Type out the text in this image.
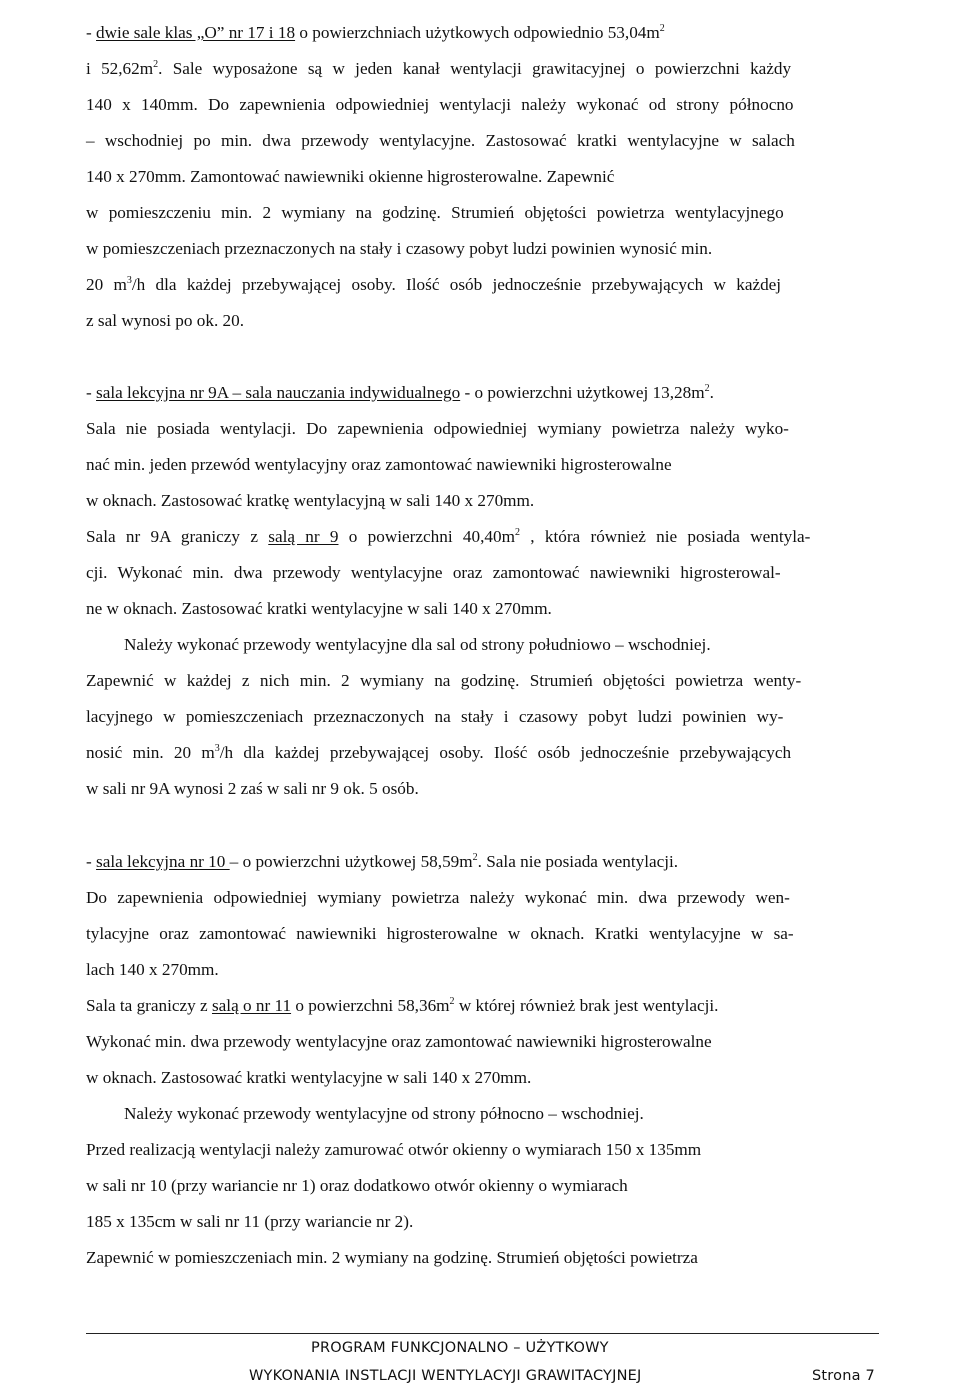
- dwie sale klas „O” nr 17 i 18 o powierzchniach użytkowych odpowiednio $53,04m^2$
i $52,62m^2$. Sale wyposażone są w jeden kanał wentylacji grawitacyjnej o powierzchni każdy
140 x 140mm. Do zapewnienia odpowiedniej wentylacji należy wykonać od strony północno
– wschodniej po min. dwa przewody wentylacyjne. Zastosować kratki wentylacyjne w salach
140 x 270mm. Zamontować nawiewniki okienne higrosterowalne. Zapewnić
w pomieszczeniu min. 2 wymiany na godzinę. Strumień objętości powietrza wentylacyjnego
w pomieszczeniach przeznaczonych na stały i czasowy pobyt ludzi powinien wynosić min.
20 $m^3/h$ dla każdej przebywającej osoby. Ilość osób jednocześnie przebywających w każdej
z sal wynosi po ok. 20.
- sala lekcyjna nr 9A – sala nauczania indywidualnego - o powierzchni użytkowej $13,28m^2$.
Sala nie posiada wentylacji. Do zapewnienia odpowiedniej wymiany powietrza należy wyko-
nać min. jeden przewód wentylacyjny oraz zamontować nawiewniki higrosterowalne
w oknach. Zastosować kratkę wentylacyjną w sali 140 x 270mm.
Sala nr 9A graniczy z salą nr 9 o powierzchni $40,40m^2$ , która również nie posiada wentyla-
cji. Wykonać min. dwa przewody wentylacyjne oraz zamontować nawiewniki higrosterowal-
ne w oknach. Zastosować kratki wentylacyjne w sali 140 x 270mm.
Należy wykonać przewody wentylacyjne dla sal od strony południowo – wschodniej.
Zapewnić w każdej z nich min. 2 wymiany na godzinę. Strumień objętości powietrza wenty-
lacyjnego w pomieszczeniach przeznaczonych na stały i czasowy pobyt ludzi powinien wy-
nosić min. 20 $m^3/h$ dla każdej przebywającej osoby. Ilość osób jednocześnie przebywających
w sali nr 9A wynosi 2 zaś w sali nr 9 ok. 5 osób.
- sala lekcyjna nr 10 – o powierzchni użytkowej $58,59m^2$. Sala nie posiada wentylacji.
Do zapewnienia odpowiedniej wymiany powietrza należy wykonać min. dwa przewody wen-
tylacyjne oraz zamontować nawiewniki higrosterowalne w oknach. Kratki wentylacyjne w sa-
lach 140 x 270mm.
Sala ta graniczy z salą o nr 11 o powierzchni $58,36m^2$ w której również brak jest wentylacji.
Wykonać min. dwa przewody wentylacyjne oraz zamontować nawiewniki higrosterowalne
w oknach. Zastosować kratki wentylacyjne w sali 140 x 270mm.
Należy wykonać przewody wentylacyjne od strony północno – wschodniej.
Przed realizacją wentylacji należy zamurować otwór okienny o wymiarach 150 x 135mm
w sali nr 10 (przy wariancie nr 1) oraz dodatkowo otwór okienny o wymiarach
185 x 135cm w sali nr 11 (przy wariancie nr 2).
Zapewnić w pomieszczeniach min. 2 wymiany na godzinę. Strumień objętości powietrza
PROGRAM FUNKCJONALNO – UŻYTKOWY
WYKONANIA INSTLACJI WENTYLACYJI GRAWITACYJNEJ	Strona 7
